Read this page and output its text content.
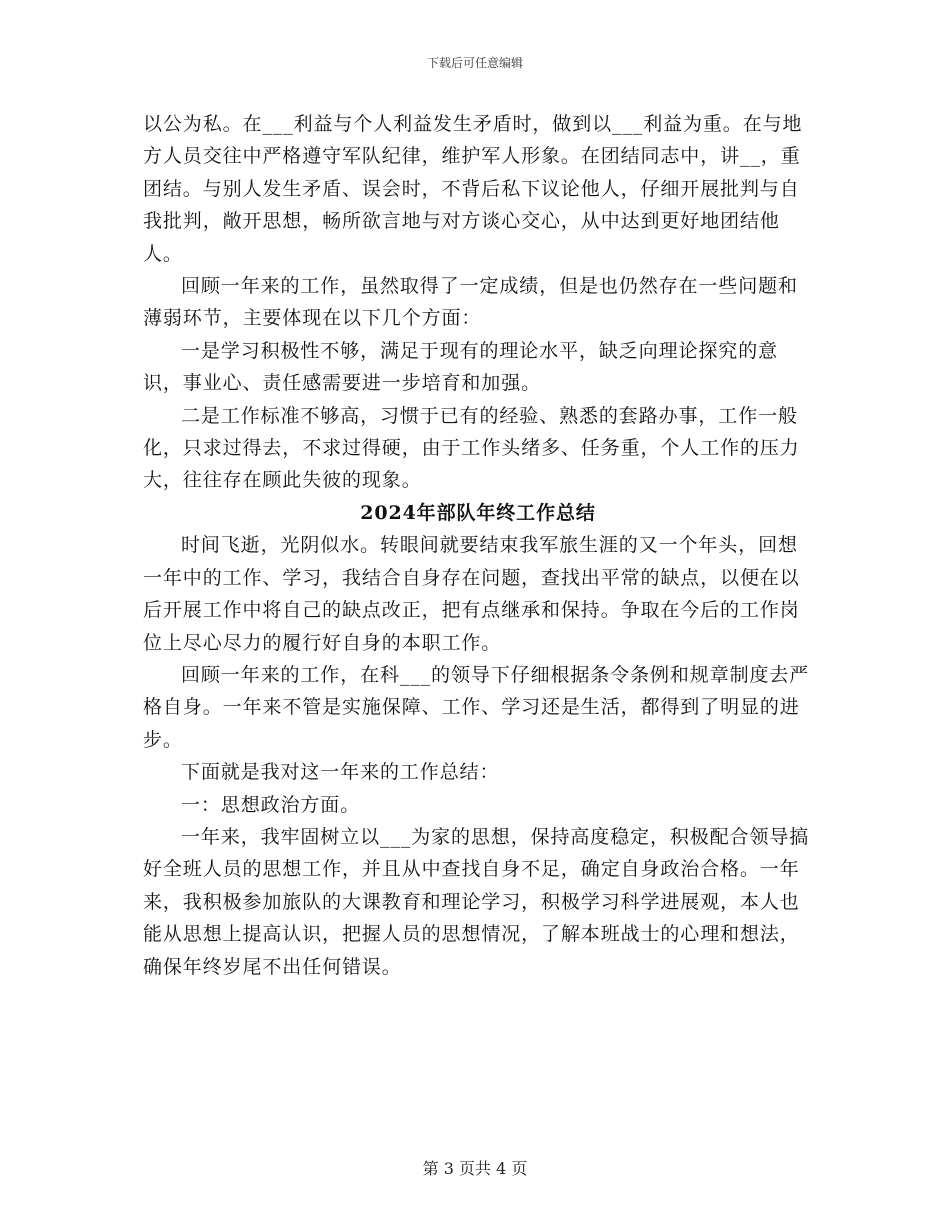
下载后可任意编辑

以公为私。在___利益与个人利益发生矛盾时，做到以___利益为重。在与地方人员交往中严格遵守军队纪律，维护军人形象。在团结同志中，讲__，重团结。与别人发生矛盾、误会时，不背后私下议论他人，仔细开展批判与自我批判，敞开思想，畅所欲言地与对方谈心交心，从中达到更好地团结他人。

回顾一年来的工作，虽然取得了一定成绩，但是也仍然存在一些问题和薄弱环节，主要体现在以下几个方面：

一是学习积极性不够，满足于现有的理论水平，缺乏向理论探究的意识，事业心、责任感需要进一步培育和加强。

二是工作标准不够高，习惯于已有的经验、熟悉的套路办事，工作一般化，只求过得去，不求过得硬，由于工作头绪多、任务重，个人工作的压力大，往往存在顾此失彼的现象。

2024年部队年终工作总结

时间飞逝，光阴似水。转眼间就要结束我军旅生涯的又一个年头，回想一年中的工作、学习，我结合自身存在问题，查找出平常的缺点，以便在以后开展工作中将自己的缺点改正，把有点继承和保持。争取在今后的工作岗位上尽心尽力的履行好自身的本职工作。

回顾一年来的工作，在科___的领导下仔细根据条令条例和规章制度去严格自身。一年来不管是实施保障、工作、学习还是生活，都得到了明显的进步。

下面就是我对这一年来的工作总结：

一：思想政治方面。

一年来，我牢固树立以___为家的思想，保持高度稳定，积极配合领导搞好全班人员的思想工作，并且从中查找自身不足，确定自身政治合格。一年来，我积极参加旅队的大课教育和理论学习，积极学习科学进展观，本人也能从思想上提高认识，把握人员的思想情况，了解本班战士的心理和想法，确保年终岁尾不出任何错误。

第 3 页共 4 页
